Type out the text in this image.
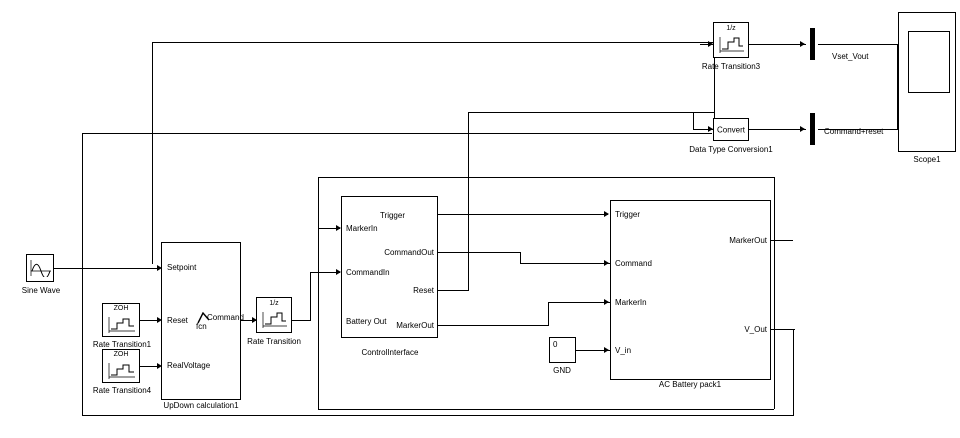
Sine Wave
ZOH
Rate Transition1
ZOH
Rate Transition4
Setpoint
Reset
RealVoltage
Command
fcn
UpDown calculation1
1/z
Rate Transition
MarkerIn
CommandIn
Battery Out
Trigger
CommandOut
Reset
MarkerOut
ControlInterface
Trigger
Command
MarkerIn
V_in
MarkerOut
V_Out
AC Battery pack1
0
GND
1/z
Rate Transition3
Convert
Data Type Conversion1
Vset_Vout
Command+reset
Scope1
